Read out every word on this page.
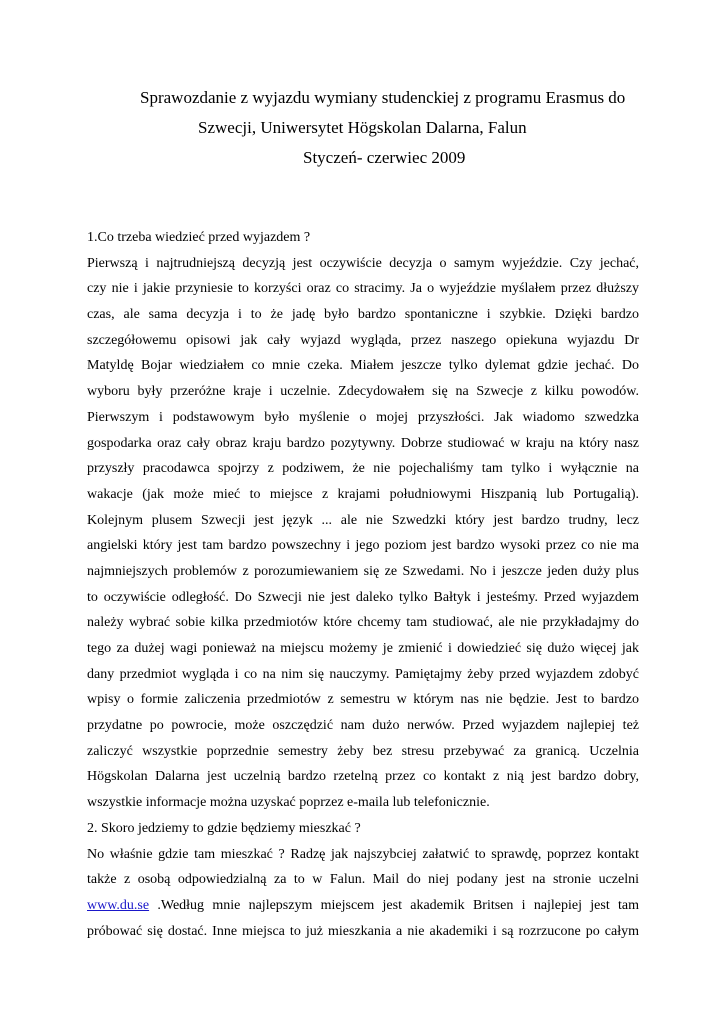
Sprawozdanie z wyjazdu wymiany studenckiej z programu Erasmus do
Szwecji, Uniwersytet Högskolan Dalarna, Falun
Styczeń- czerwiec 2009
1.Co trzeba wiedzieć przed wyjazdem ?
Pierwszą i najtrudniejszą decyzją jest oczywiście decyzja o samym wyjeździe. Czy jechać,
czy nie i jakie przyniesie to korzyści oraz co stracimy. Ja o wyjeździe myślałem przez dłuższy
czas, ale sama decyzja i to że jadę było bardzo spontaniczne i szybkie. Dzięki bardzo
szczegółowemu opisowi jak cały wyjazd wygląda, przez naszego opiekuna wyjazdu Dr
Matyldę Bojar wiedziałem co mnie czeka. Miałem jeszcze tylko dylemat gdzie jechać. Do
wyboru były przeróżne kraje i uczelnie. Zdecydowałem się na Szwecje z kilku powodów.
Pierwszym i podstawowym było myślenie o mojej przyszłości. Jak wiadomo szwedzka
gospodarka oraz cały obraz kraju bardzo pozytywny. Dobrze studiować w kraju na który nasz
przyszły pracodawca spojrzy z podziwem, że nie pojechaliśmy tam tylko i wyłącznie na
wakacje (jak może mieć to miejsce z krajami południowymi Hiszpanią lub Portugalią).
Kolejnym plusem Szwecji jest język ... ale nie Szwedzki który jest bardzo trudny, lecz
angielski który jest tam bardzo powszechny i jego poziom jest bardzo wysoki przez co nie ma
najmniejszych problemów z porozumiewaniem się ze Szwedami. No i jeszcze jeden duży plus
to oczywiście odległość. Do Szwecji nie jest daleko tylko Bałtyk i jesteśmy. Przed wyjazdem
należy wybrać sobie kilka przedmiotów które chcemy tam studiować, ale nie przykładajmy do
tego za dużej wagi ponieważ na miejscu możemy je zmienić i dowiedzieć się dużo więcej jak
dany przedmiot wygląda i co na nim się nauczymy. Pamiętajmy żeby przed wyjazdem zdobyć
wpisy o formie zaliczenia przedmiotów z semestru w którym nas nie będzie. Jest to bardzo
przydatne po powrocie, może oszczędzić nam dużo nerwów. Przed wyjazdem najlepiej też
zaliczyć wszystkie poprzednie semestry żeby bez stresu przebywać za granicą. Uczelnia
Högskolan Dalarna jest uczelnią bardzo rzetelną przez co kontakt z nią jest bardzo dobry,
wszystkie informacje można uzyskać poprzez e-maila lub telefonicznie.
2. Skoro jedziemy to gdzie będziemy mieszkać ?
No właśnie gdzie tam mieszkać ? Radzę jak najszybciej załatwić to sprawdę, poprzez kontakt
także z osobą odpowiedzialną za to w Falun. Mail do niej podany jest na stronie uczelni
www.du.se .Według mnie najlepszym miejscem jest akademik Britsen i najlepiej jest tam
próbować się dostać. Inne miejsca to już mieszkania a nie akademiki i są rozrzucone po całym
